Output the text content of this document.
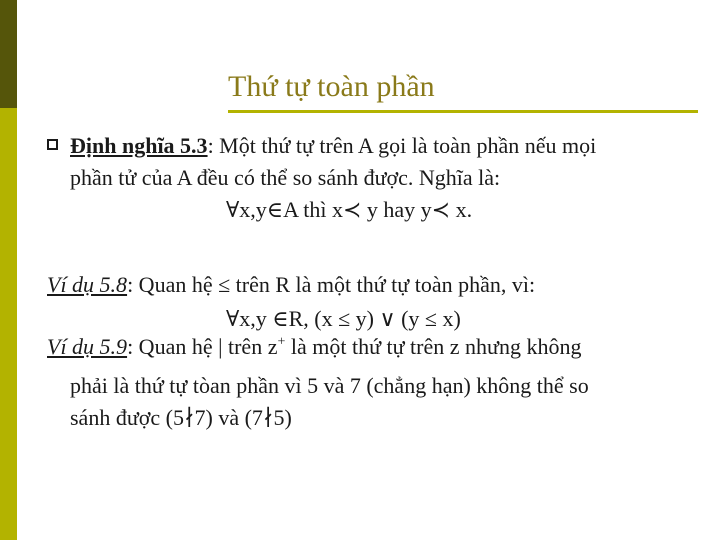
Thứ tự toàn phần
Định nghĩa 5.3: Một thứ tự trên A gọi là toàn phần nếu mọi
phần tử của A đều có thể so sánh được. Nghĩa là:
∀x,y∈A thì x≺ y hay y≺ x.
Ví dụ 5.8: Quan hệ ≤ trên R là một thứ tự toàn phần, vì:
∀x,y ∈R, (x ≤ y) ∨ (y ≤ x)
Ví dụ 5.9: Quan hệ | trên z+ là một thứ tự trên z nhưng không
phải là thứ tự tòan phần vì 5 và 7 (chẳng hạn) không thể so
sánh được (5∤7) và (7∤5)
